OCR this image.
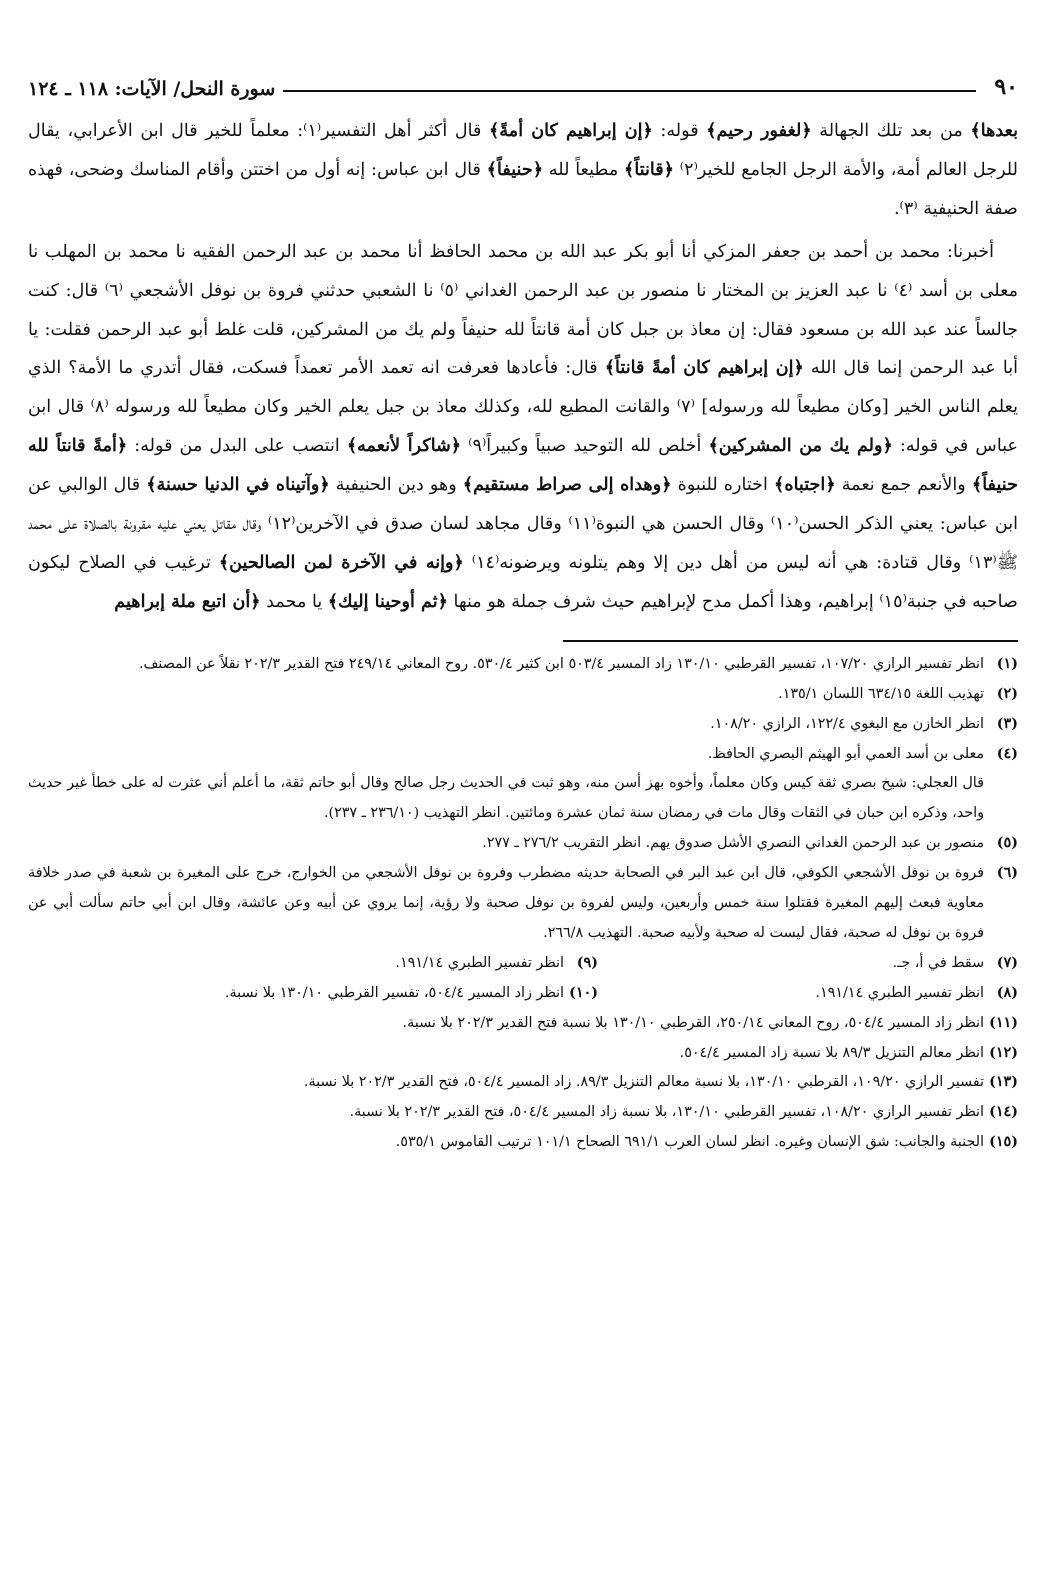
٩٠
سورة النحل/ الآيات: ١١٨ ـ ١٢٤

بعدها﴾ من بعد تلك الجهالة ﴿لغفور رحيم﴾ قوله: ﴿إن إبراهيم كان أمةً﴾ قال أكثر أهل التفسير⁽١⁾: معلماً للخير قال ابن الأعرابي، يقال للرجل العالم أمة، والأمة الرجل الجامع للخير⁽٢⁾ ﴿قانتاً﴾ مطيعاً لله ﴿حنيفاً﴾ قال ابن عباس: إنه أول من اختتن وأقام المناسك وضحى، فهذه صفة الحنيفية ⁽٣⁾.

أخبرنا: محمد بن أحمد بن جعفر المزكي أنا أبو بكر عبد الله بن محمد الحافظ أنا محمد بن عبد الرحمن الفقيه نا محمد بن المهلب نا معلى بن أسد ⁽٤⁾ نا عبد العزيز بن المختار نا منصور بن عبد الرحمن الغداني ⁽٥⁾ نا الشعبي حدثني فروة بن نوفل الأشجعي ⁽٦⁾ قال: كنت جالساً عند عبد الله بن مسعود فقال: إن معاذ بن جبل كان أمة قانتاً لله حنيفاً ولم يك من المشركين، قلت غلط أبو عبد الرحمن فقلت: يا أبا عبد الرحمن إنما قال الله ﴿إن إبراهيم كان أمةً قانتاً﴾ قال: فأعادها فعرفت انه تعمد الأمر تعمداً فسكت، فقال أتدري ما الأمة؟ الذي يعلم الناس الخير [وكان مطيعاً لله ورسوله] ⁽٧⁾ والقانت المطيع لله، وكذلك معاذ بن جبل يعلم الخير وكان مطيعاً لله ورسوله ⁽٨⁾ قال ابن عباس في قوله: ﴿ولم يك من المشركين﴾ أخلص لله التوحيد صبياً وكبيراً⁽٩⁾ ﴿شاكراً لأنعمه﴾ انتصب على البدل من قوله: ﴿أمةً قانتاً لله حنيفاً﴾ والأنعم جمع نعمة ﴿اجتباه﴾ اختاره للنبوة ﴿وهداه إلى صراط مستقيم﴾ وهو دين الحنيفية ﴿وآتيناه في الدنيا حسنة﴾ قال الوالبي عن ابن عباس: يعني الذكر الحسن⁽١٠⁾ وقال الحسن هي النبوة⁽١١⁾ وقال مجاهد لسان صدق في الآخرين⁽١٢⁾ وقال مقاتل يعني عليه مقرونة بالصلاة على محمد ﷺ⁽١٣⁾ وقال قتادة: هي أنه ليس من أهل دين إلا وهم يتلونه ويرضونه⁽١٤⁾ ﴿وإنه في الآخرة لمن الصالحين﴾ ترغيب في الصلاح ليكون صاحبه في جنبة⁽١٥⁾ إبراهيم، وهذا أكمل مدح لإبراهيم حيث شرف جملة هو منها ﴿ثم أوحينا إليك﴾ يا محمد ﴿أن اتبع ملة إبراهيم

(١)
انظر تفسير الرازي ١٠٧/٢٠، تفسير القرطبي ١٣٠/١٠ زاد المسير ٥٠٣/٤ ابن كثير ٥٣٠/٤. روح المعاني ٢٤٩/١٤ فتح القدير ٢٠٢/٣ نقلاً عن المصنف.
(٢)
تهذيب اللغة ٦٣٤/١٥ اللسان ١٣٥/١.
(٣)
انظر الخازن مع البغوي ١٢٢/٤، الرازي ١٠٨/٢٠.
(٤)
معلى بن أسد العمي أبو الهيثم البصري الحافظ.
قال العجلي: شيخ بصري ثقة كيس وكان معلماً، وأخوه بهز أسن منه، وهو ثبت في الحديث رجل صالح وقال أبو حاتم ثقة، ما أعلم أني عثرت له على خطأ غير حديث واحد، وذكره ابن حبان في الثقات وقال مات في رمضان سنة ثمان عشرة ومائتين. انظر التهذيب (٢٣٦/١٠ ـ ٢٣٧).
(٥)
منصور بن عبد الرحمن الغداني النصري الأشل صدوق يهم. انظر التقريب ٢٧٦/٢ ـ ٢٧٧.
(٦)
فروة بن نوفل الأشجعي الكوفي، قال ابن عبد البر في الصحابة حديثه مضطرب وفروة بن نوفل الأشجعي من الخوارج، خرج على المغيرة بن شعبة في صدر خلافة معاوية فبعث إليهم المغيرة فقتلوا سنة خمس وأربعين، وليس لفروة بن نوفل صحبة ولا رؤية، إنما يروي عن أبيه وعن عائشة، وقال ابن أبي حاتم سألت أبي عن فروة بن نوفل له صحبة، فقال ليست له صحبة ولأبيه صحبة. التهذيب ٢٦٦/٨.
(٧)
سقط في أ، جـ.
(٩)
انظر تفسير الطبري ١٩١/١٤.
(٨)
انظر تفسير الطبري ١٩١/١٤.
(١٠)
انظر زاد المسير ٥٠٤/٤، تفسير القرطبي ١٣٠/١٠ بلا نسبة.
(١١)
انظر زاد المسير ٥٠٤/٤، روح المعاني ٢٥٠/١٤، القرطبي ١٣٠/١٠ بلا نسبة فتح القدير ٢٠٢/٣ بلا نسبة.
(١٢)
انظر معالم التنزيل ٨٩/٣ بلا نسبة زاد المسير ٥٠٤/٤.
(١٣)
تفسير الرازي ١٠٩/٢٠، القرطبي ١٣٠/١٠، بلا نسبة معالم التنزيل ٨٩/٣. زاد المسير ٥٠٤/٤، فتح القدير ٢٠٢/٣ بلا نسبة.
(١٤)
انظر تفسير الرازي ١٠٨/٢٠، تفسير القرطبي ١٣٠/١٠، بلا نسبة زاد المسير ٥٠٤/٤، فتح القدير ٢٠٢/٣ بلا نسبة.
(١٥)
الجنبة والجانب: شق الإنسان وغيره. انظر لسان العرب ٦٩١/١ الصحاح ١٠١/١ ترتيب القاموس ٥٣٥/١.
